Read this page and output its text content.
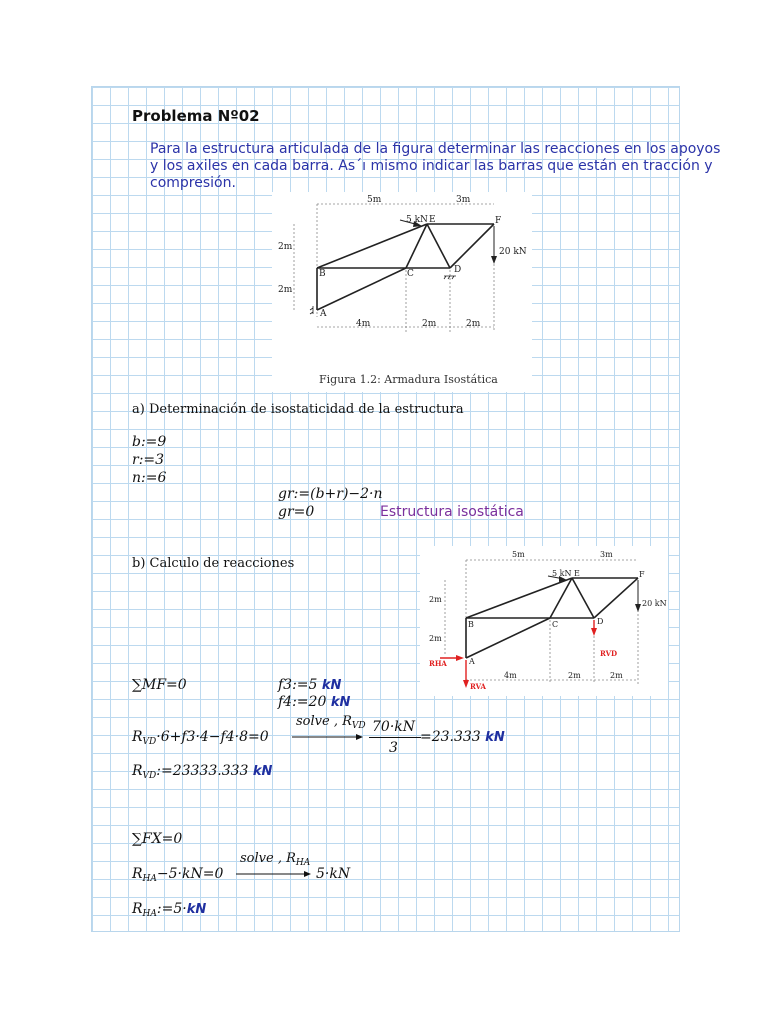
Problema Nº02
Para la estructura articulada de la figura determinar las reacciones en los apoyos
y los axiles en cada barra. As´ı mismo indicar las barras que están en tracción y
compresión.
5m	3m
2m
2m
4m	2m	2m
5 kN
20 kN
A
B	C	D
E	F
Figura 1.2: Armadura Isostática
a) Determinación de isostaticidad de la estructura
b:=9
r:=3
n:=6
gr:=(b+r)−2·n
gr=0	Estructura isostática
b) Calculo de reacciones
5m	3m
2m
2m
4m	2m	2m
5 kN
20 kN
A
B	C	D
E	F
RHA
RVA
RVD
∑MF=0	f3:=5 kN
f4:=20 kN
$R_{VD}\cdot 6+f3\cdot 4-f4\cdot 8=0$
solve , $R_{VD}$ 70·kN
3
=23.333 kN
$R_{VD}:=23333.333$ kN
∑FX=0
$R_{HA}-5\cdot kN=0$
solve , $R_{HA}$
5·kN
$R_{HA}:=5\cdot kN$
